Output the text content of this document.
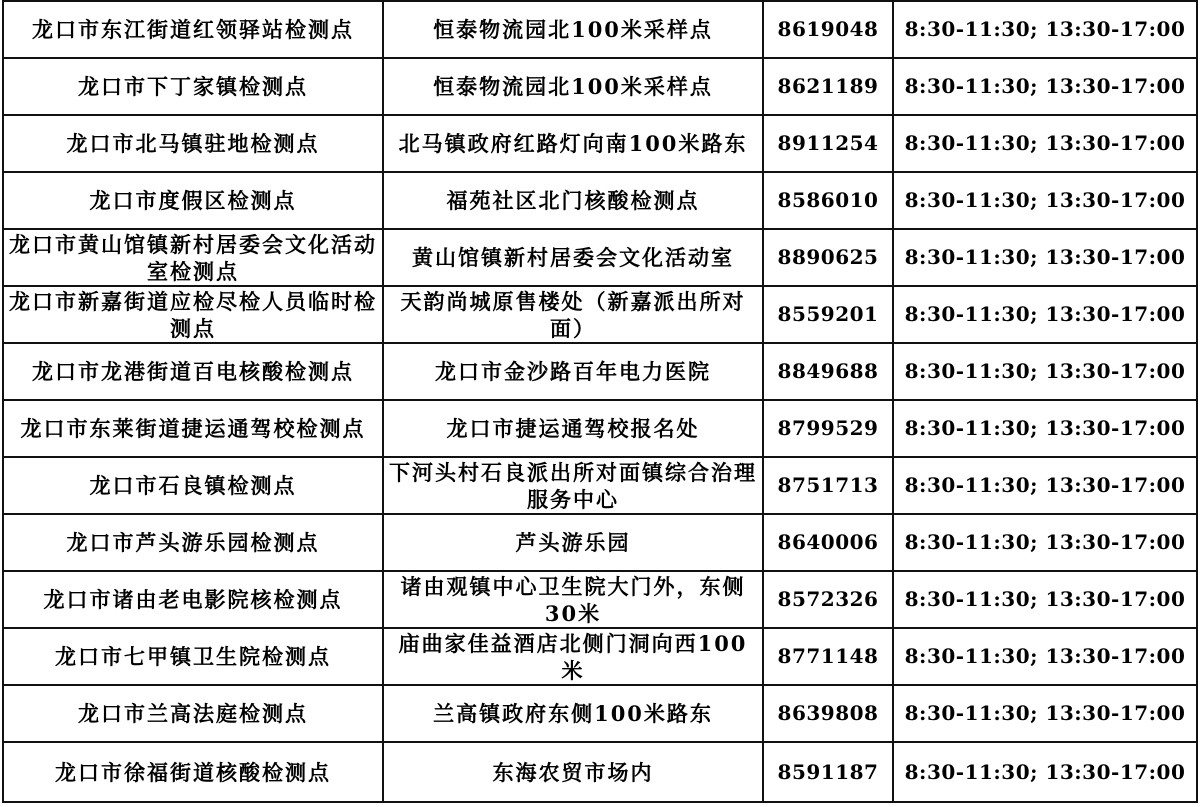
龙口市东江街道红领驿站检测点	恒泰物流园北100米采样点	8619048	8:30-11:30; 13:30-17:00
龙口市下丁家镇检测点	恒泰物流园北100米采样点	8621189	8:30-11:30; 13:30-17:00
龙口市北马镇驻地检测点	北马镇政府红路灯向南100米路东	8911254	8:30-11:30; 13:30-17:00
龙口市度假区检测点	福苑社区北门核酸检测点	8586010	8:30-11:30; 13:30-17:00
龙口市黄山馆镇新村居委会文化活动室检测点	黄山馆镇新村居委会文化活动室	8890625	8:30-11:30; 13:30-17:00
龙口市新嘉街道应检尽检人员临时检测点	天韵尚城原售楼处（新嘉派出所对面）	8559201	8:30-11:30; 13:30-17:00
龙口市龙港街道百电核酸检测点	龙口市金沙路百年电力医院	8849688	8:30-11:30; 13:30-17:00
龙口市东莱街道捷运通驾校检测点	龙口市捷运通驾校报名处	8799529	8:30-11:30; 13:30-17:00
龙口市石良镇检测点	下河头村石良派出所对面镇综合治理服务中心	8751713	8:30-11:30; 13:30-17:00
龙口市芦头游乐园检测点	芦头游乐园	8640006	8:30-11:30; 13:30-17:00
龙口市诸由老电影院核检测点	诸由观镇中心卫生院大门外，东侧30米	8572326	8:30-11:30; 13:30-17:00
龙口市七甲镇卫生院检测点	庙曲家佳益酒店北侧门洞向西100米	8771148	8:30-11:30; 13:30-17:00
龙口市兰高法庭检测点	兰高镇政府东侧100米路东	8639808	8:30-11:30; 13:30-17:00
龙口市徐福街道核酸检测点	东海农贸市场内	8591187	8:30-11:30; 13:30-17:00
